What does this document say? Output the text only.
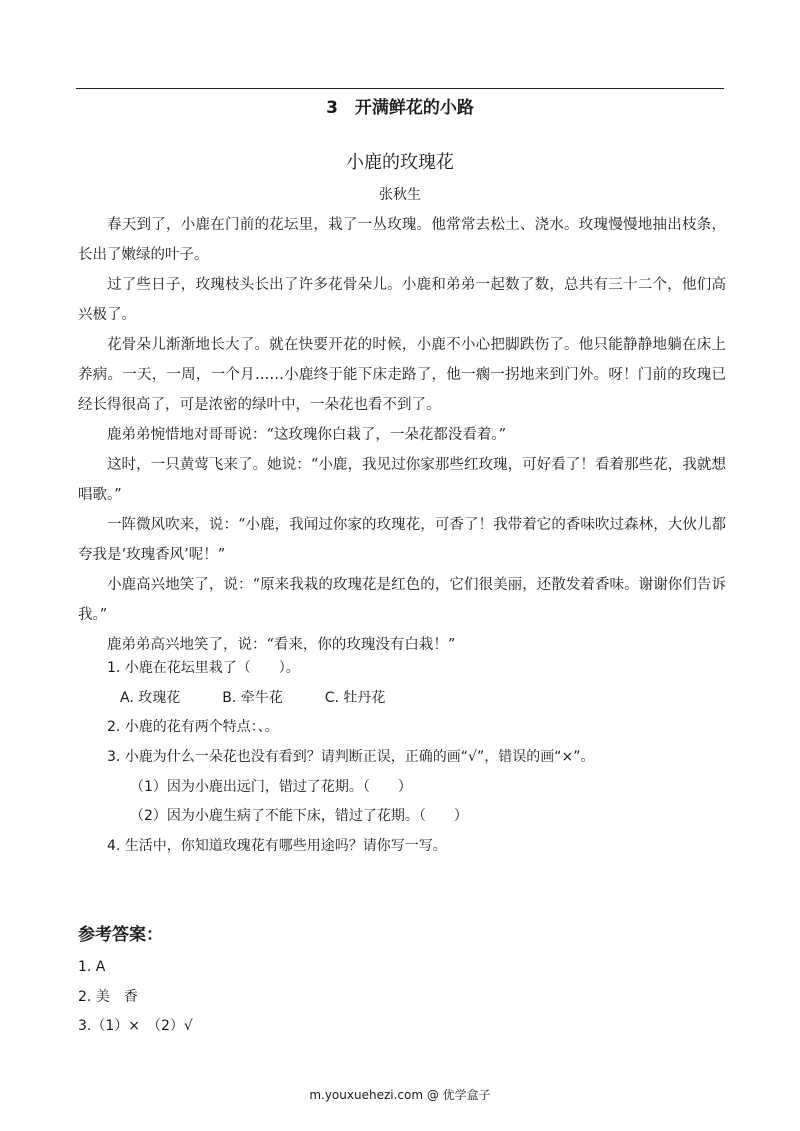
3　开满鲜花的小路
小鹿的玫瑰花
张秋生

春天到了，小鹿在门前的花坛里，栽了一丛玫瑰。他常常去松土、浇水。玫瑰慢慢地抽出枝条，长出了嫩绿的叶子。

过了些日子，玫瑰枝头长出了许多花骨朵儿。小鹿和弟弟一起数了数，总共有三十二个，他们高兴极了。

花骨朵儿渐渐地长大了。就在快要开花的时候，小鹿不小心把脚跌伤了。他只能静静地躺在床上养病。一天，一周，一个月……小鹿终于能下床走路了，他一瘸一拐地来到门外。呀！门前的玫瑰已经长得很高了，可是浓密的绿叶中，一朵花也看不到了。

鹿弟弟惋惜地对哥哥说：“这玫瑰你白栽了，一朵花都没看着。”

这时，一只黄莺飞来了。她说：“小鹿，我见过你家那些红玫瑰，可好看了！看着那些花，我就想唱歌。”

一阵微风吹来，说：“小鹿，我闻过你家的玫瑰花，可香了！我带着它的香味吹过森林，大伙儿都夸我是‘玫瑰香风’呢！”

小鹿高兴地笑了，说：“原来我栽的玫瑰花是红色的，它们很美丽，还散发着香味。谢谢你们告诉我。”

鹿弟弟高兴地笑了，说：“看来，你的玫瑰没有白栽！”

1. 小鹿在花坛里栽了（　　）。
A. 玫瑰花　　　B. 牵牛花　　　C. 牡丹花
2. 小鹿的花有两个特点：、。
3. 小鹿为什么一朵花也没有看到？请判断正误，正确的画“√”，错误的画“×”。
（1）因为小鹿出远门，错过了花期。（　　）
（2）因为小鹿生病了不能下床，错过了花期。（　　）
4. 生活中，你知道玫瑰花有哪些用途吗？请你写一写。
参考答案：
1. A
2. 美　香
3.（1）×　（2）√
m.youxuehezi.com @ 优学盒子
